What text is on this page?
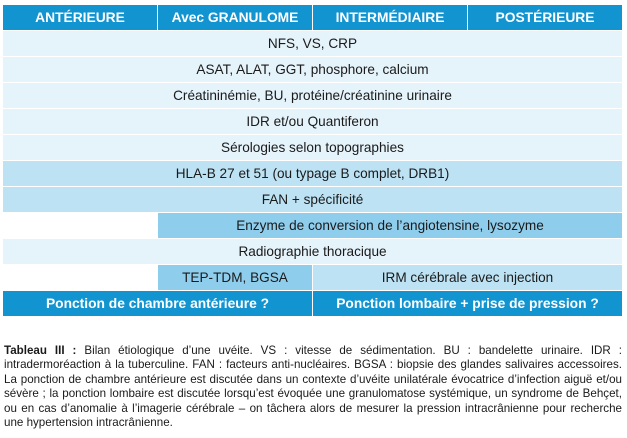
ANTÉRIEURE	Avec GRANULOME	INTERMÉDIAIRE	POSTÉRIEURE
NFS, VS, CRP
ASAT, ALAT, GGT, phosphore, calcium
Créatininémie, BU, protéine/créatinine urinaire
IDR et/ou Quantiferon
Sérologies selon topographies
HLA-B 27 et 51 (ou typage B complet, DRB1)
FAN + spécificité
Enzyme de conversion de l’angiotensine, lysozyme
Radiographie thoracique
TEP-TDM, BGSA	IRM cérébrale avec injection
Ponction de chambre antérieure ?	Ponction lombaire + prise de pression ?
Tableau III : Bilan étiologique d’une uvéite. VS : vitesse de sédimentation. BU : bandelette urinaire. IDR : intradermoréaction à la tuberculine. FAN : facteurs anti-nucléaires. BGSA : biopsie des glandes salivaires accessoires. La ponction de chambre antérieure est discutée dans un contexte d’uvéite unilatérale évocatrice d’infection aiguë et/ou sévère ; la ponction lombaire est discutée lorsqu’est évoquée une granulomatose systémique, un syndrome de Behçet, ou en cas d’anomalie à l’imagerie cérébrale – on tâchera alors de mesurer la pression intracrânienne pour recherche une hypertension intracrânienne.
